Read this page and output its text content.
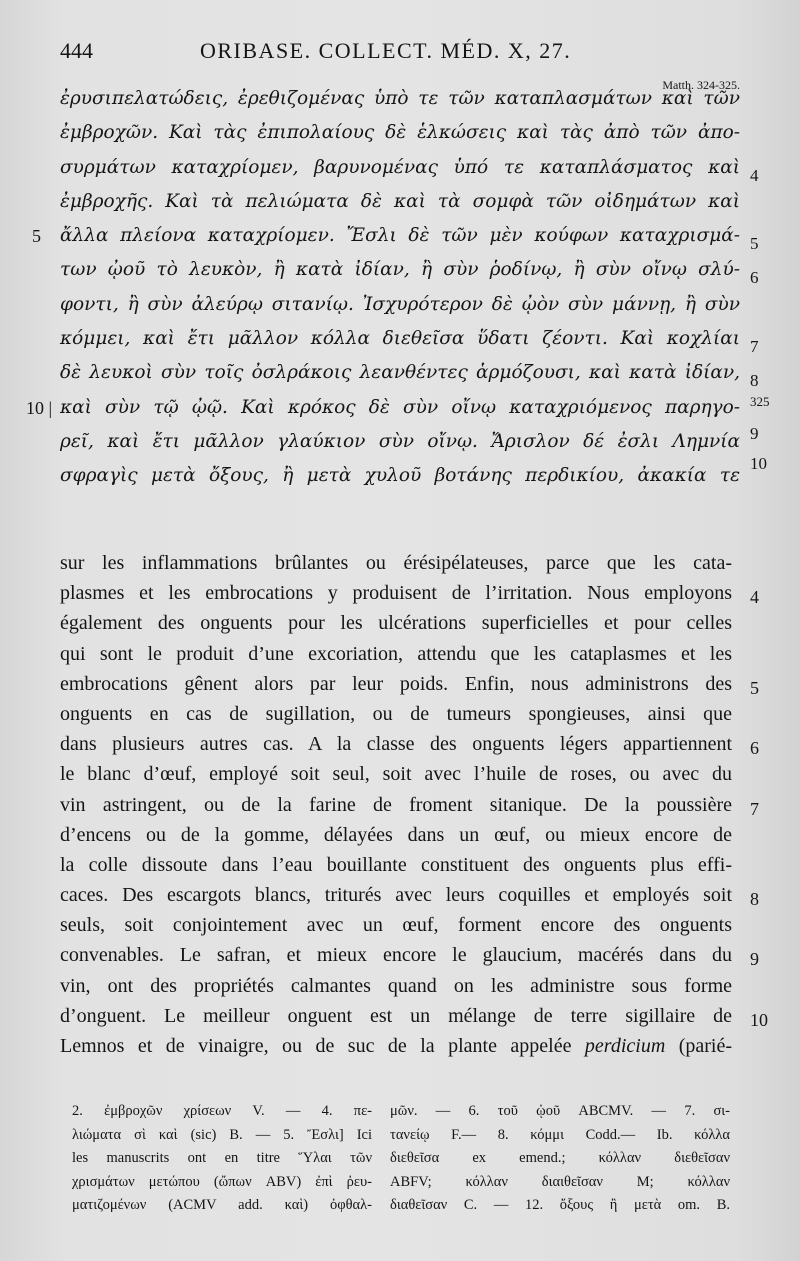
444	ORIBASE. COLLECT. MÉD. X, 27.
Matth. 324-325.
ἐρυσιπελατώδεις, ἐρεθιζομένας ὑπὸ τε τῶν καταπλασμάτων καὶ τῶν
ἐμβροχῶν. Καὶ τὰς ἐπιπολαίους δὲ ἑλκώσεις καὶ τὰς ἀπὸ τῶν ἀπο-
συρμάτων καταχρίομεν, βαρυνομένας ὑπό τε καταπλάσματος καὶ 4
ἐμβροχῆς. Καὶ τὰ πελιώματα δὲ καὶ τὰ σομφὰ τῶν οἰδημάτων καὶ
5 ἄλλα πλείονα καταχρίομεν. Ἔσλι δὲ τῶν μὲν κούφων καταχρισμά- 5
των ᾠοῦ τὸ λευκὸν, ἢ κατὰ ἰδίαν, ἢ σὺν ῥοδίνῳ, ἢ σὺν οἴνῳ σλύ- 6
φοντι, ἢ σὺν ἀλεύρῳ σιτανίῳ. Ἰσχυρότερον δὲ ᾠὸν σὺν μάννῃ, ἢ σὺν
κόμμει, καὶ ἔτι μᾶλλον κόλλα διεθεῖσα ὕδατι ζέοντι. Καὶ κοχλίαι 7
δὲ λευκοὶ σὺν τοῖς ὀσλράκοις λεανθέντες ἁρμόζουσι, καὶ κατὰ ἰδίαν, 8
10 | καὶ σὺν τῷ ᾠῷ. Καὶ κρόκος δὲ σὺν οἴνῳ καταχριόμενος παρηγο- 325
ρεῖ, καὶ ἔτι μᾶλλον γλαύκιον σὺν οἴνῳ. Ἄρισλον δέ ἐσλι Λημνία 9
σφραγὶς μετὰ ὄξους, ἢ μετὰ χυλοῦ βοτάνης περδικίου, ἀκακία τε
10
sur les inflammations brûlantes ou érésipélateuses, parce que les cata-
plasmes et les embrocations y produisent de l’irritation. Nous employons 4
également des onguents pour les ulcérations superficielles et pour celles
qui sont le produit d’une excoriation, attendu que les cataplasmes et les
embrocations gênent alors par leur poids. Enfin, nous administrons des 5
onguents en cas de sugillation, ou de tumeurs spongieuses, ainsi que
dans plusieurs autres cas. A la classe des onguents légers appartiennent 6
le blanc d’œuf, employé soit seul, soit avec l’huile de roses, ou avec du
vin astringent, ou de la farine de froment sitanique. De la poussière 7
d’encens ou de la gomme, délayées dans un œuf, ou mieux encore de
la colle dissoute dans l’eau bouillante constituent des onguents plus effi-
caces. Des escargots blancs, triturés avec leurs coquilles et employés soit 8
seuls, soit conjointement avec un œuf, forment encore des onguents
convenables. Le safran, et mieux encore le glaucium, macérés dans du 9
vin, ont des propriétés calmantes quand on les administre sous forme
d’onguent. Le meilleur onguent est un mélange de terre sigillaire de 10
Lemnos et de vinaigre, ou de suc de la plante appelée perdicium (parié-
2. ἐμβροχῶν χρίσεων V. — 4. πε-
λιώματα σὶ καὶ (sic) B. — 5. Ἔσλι] Ici
les manuscrits ont en titre Ὕλαι τῶν
χρισμάτων μετώπου (ὤπων ABV) ἐπὶ ῥευ-
ματιζομένων (ACMV add. καὶ) ὀφθαλ-
μῶν. — 6. τοῦ ᾠοῦ ABCMV. — 7. σι-
τανείῳ F.— 8. κόμμι Codd.— Ib. κόλλα
διεθεῖσα ex emend.; κόλλαν διεθεῖσαν
ABFV; κόλλαν διαιθεῖσαν M; κόλλαν
διαθεῖσαν C. — 12. ὄξους ἢ μετὰ om. B.
